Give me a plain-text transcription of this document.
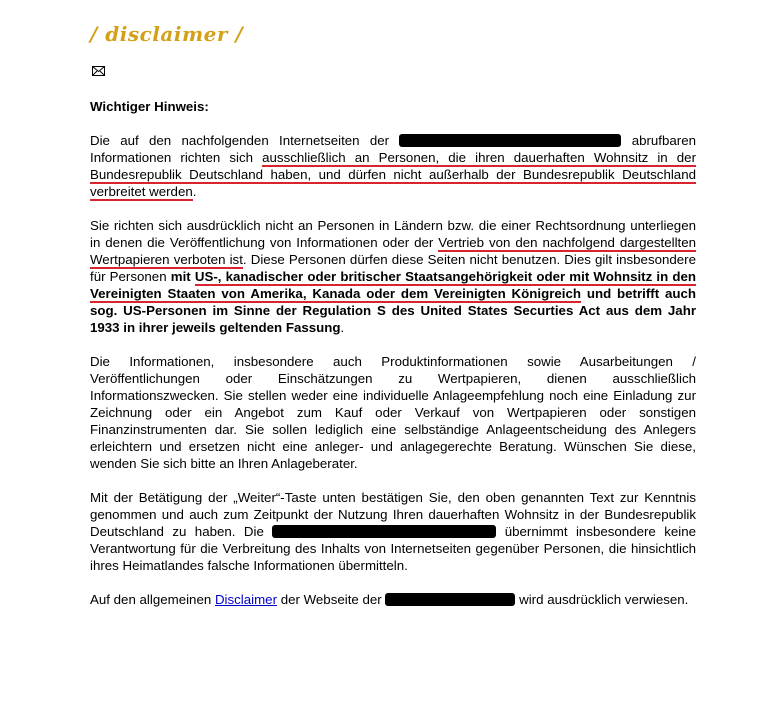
/ disclaimer /
Wichtiger Hinweis:

Die auf den nachfolgenden Internetseiten der	abrufbaren Informationen richten sich ausschließlich an Personen, die ihren dauerhaften Wohnsitz in der Bundesrepublik Deutschland haben, und dürfen nicht außerhalb der Bundesrepublik Deutschland verbreitet werden.

Sie richten sich ausdrücklich nicht an Personen in Ländern bzw. die einer Rechtsordnung unterliegen in denen die Veröffentlichung von Informationen oder der Vertrieb von den nachfolgend dargestellten Wertpapieren verboten ist. Diese Personen dürfen diese Seiten nicht benutzen. Dies gilt insbesondere für Personen mit US-, kanadischer oder britischer Staatsangehörigkeit oder mit Wohnsitz in den Vereinigten Staaten von Amerika, Kanada oder dem Vereinigten Königreich und betrifft auch sog. US-Personen im Sinne der Regulation S des United States Securties Act aus dem Jahr 1933 in ihrer jeweils geltenden Fassung.

Die Informationen, insbesondere auch Produktinformationen sowie Ausarbeitungen / Veröffentlichungen oder Einschätzungen zu Wertpapieren, dienen ausschließlich Informationszwecken. Sie stellen weder eine individuelle Anlageempfehlung noch eine Einladung zur Zeichnung oder ein Angebot zum Kauf oder Verkauf von Wertpapieren oder sonstigen Finanzinstrumenten dar. Sie sollen lediglich eine selbständige Anlageentscheidung des Anlegers erleichtern und ersetzen nicht eine anleger- und anlagegerechte Beratung. Wünschen Sie diese, wenden Sie sich bitte an Ihren Anlageberater.

Mit der Betätigung der „Weiter“-Taste unten bestätigen Sie, den oben genannten Text zur Kenntnis genommen und auch zum Zeitpunkt der Nutzung Ihren dauerhaften Wohnsitz in der Bundesrepublik Deutschland zu haben. Die	übernimmt insbesondere keine Verantwortung für die Verbreitung des Inhalts von Internetseiten gegenüber Personen, die hinsichtlich ihres Heimatlandes falsche Informationen übermitteln.

Auf den allgemeinen Disclaimer der Webseite der	wird ausdrücklich verwiesen.
